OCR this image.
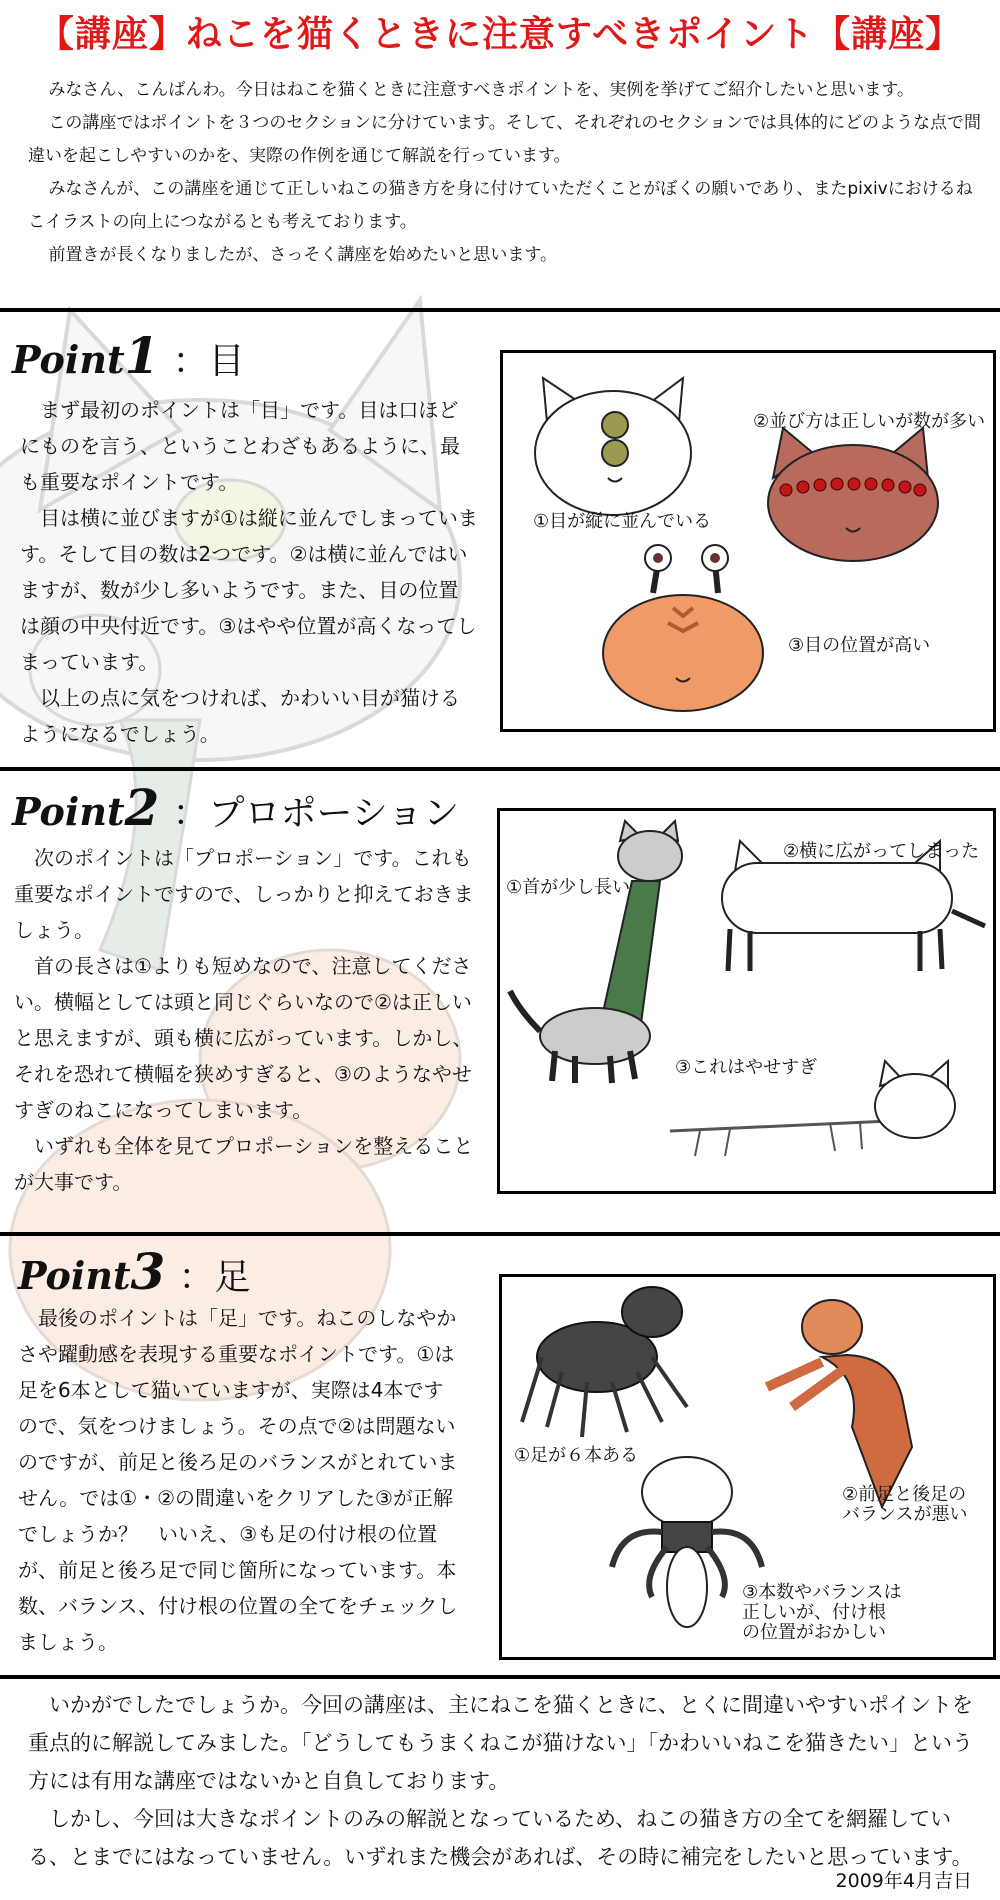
【講座】ねこを猫くときに注意すべきポイント【講座】

みなさん、こんばんわ。今日はねこを猫くときに注意すべきポイントを、実例を挙げてご紹介したいと思います。

この講座ではポイントを３つのセクションに分けています。そして、それぞれのセクションでは具体的にどのような点で間違いを起こしやすいのかを、実際の作例を通じて解説を行っています。

みなさんが、この講座を通じて正しいねこの猫き方を身に付けていただくことがぼくの願いであり、またpixivにおけるねこイラストの向上につながるとも考えております。

前置きが長くなりましたが、さっそく講座を始めたいと思います。

Point1 ：目

まず最初のポイントは「目」です。目は口ほどにものを言う、ということわざもあるように、最も重要なポイントです。

目は横に並びますが①は縦に並んでしまっています。そして目の数は2つです。②は横に並んではいますが、数が少し多いようです。また、目の位置は顔の中央付近です。③はやや位置が高くなってしまっています。

以上の点に気をつければ、かわいい目が猫けるようになるでしょう。

①目が縦に並んでいる
②並び方は正しいが数が多い
③目の位置が高い
Point2 ：プロポーション

次のポイントは「プロポーション」です。これも重要なポイントですので、しっかりと抑えておきましょう。

首の長さは①よりも短めなので、注意してください。横幅としては頭と同じぐらいなので②は正しいと思えますが、頭も横に広がっています。しかし、それを恐れて横幅を狭めすぎると、③のようなやせすぎのねこになってしまいます。

いずれも全体を見てプロポーションを整えることが大事です。

①首が少し長い
②横に広がってしまった
③これはやせすぎ
Point3 ：足

最後のポイントは「足」です。ねこのしなやかさや躍動感を表現する重要なポイントです。①は足を6本として猫いていますが、実際は4本ですので、気をつけましょう。その点で②は問題ないのですが、前足と後ろ足のバランスがとれていません。では①・②の間違いをクリアした③が正解でしょうか？　いいえ、③も足の付け根の位置が、前足と後ろ足で同じ箇所になっています。本数、バランス、付け根の位置の全てをチェックしましょう。

①足が６本ある
②前足と後足の
バランスが悪い
③本数やバランスは
正しいが、付け根
の位置がおかしい

いかがでしたでしょうか。今回の講座は、主にねこを猫くときに、とくに間違いやすいポイントを重点的に解説してみました。「どうしてもうまくねこが猫けない」「かわいいねこを猫きたい」という方には有用な講座ではないかと自負しております。

しかし、今回は大きなポイントのみの解説となっているため、ねこの猫き方の全てを網羅している、とまでにはなっていません。いずれまた機会があれば、その時に補完をしたいと思っています。

2009年4月吉日
